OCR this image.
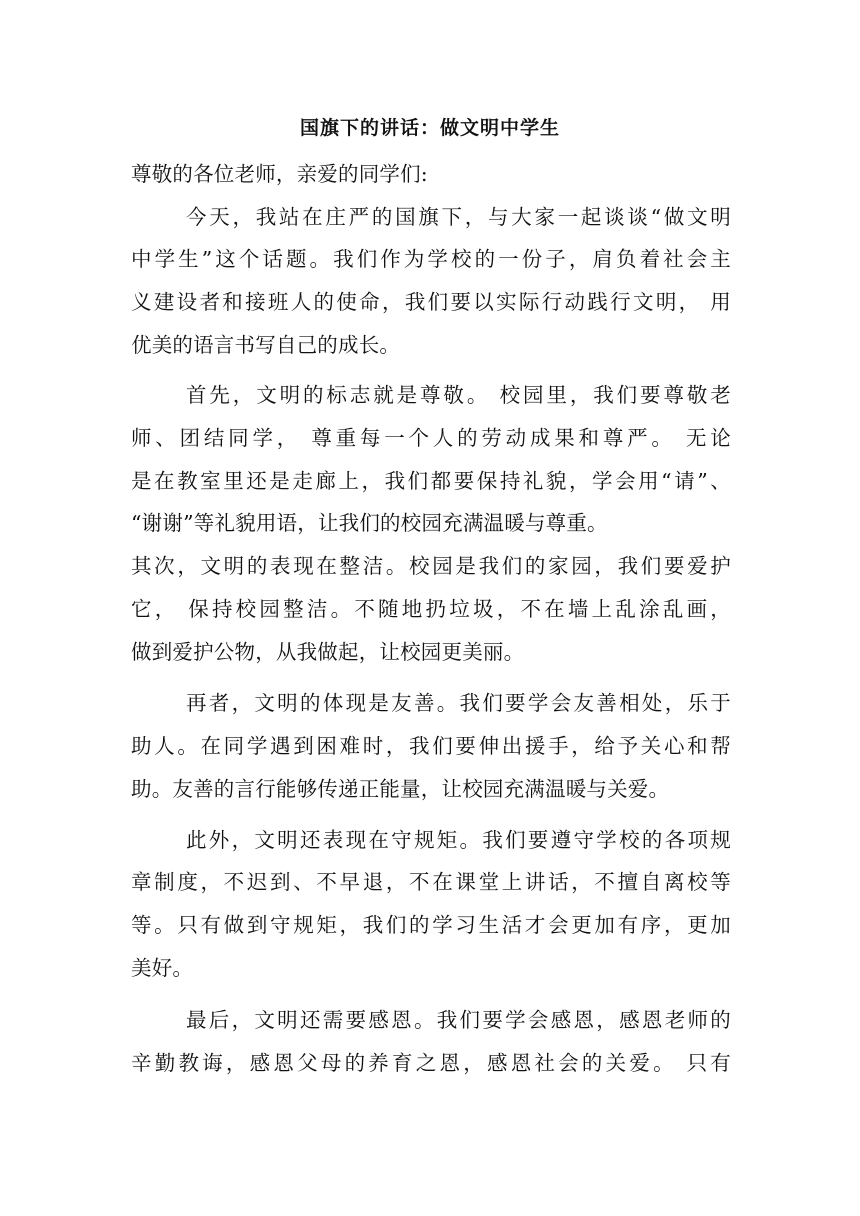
国旗下的讲话：做文明中学生
尊敬的各位老师，亲爱的同学们:
今天，我站在庄严的国旗下，与大家一起谈谈“做文明
中学生”这个话题。我们作为学校的一份子，肩负着社会主
义建设者和接班人的使命，我们要以实际行动践行文明， 用
优美的语言书写自己的成长。
首先，文明的标志就是尊敬。 校园里，我们要尊敬老
师、团结同学， 尊重每一个人的劳动成果和尊严。 无论
是在教室里还是走廊上，我们都要保持礼貌，学会用“请”、
“谢谢”等礼貌用语，让我们的校园充满温暖与尊重。
其次，文明的表现在整洁。校园是我们的家园，我们要爱护
它， 保持校园整洁。不随地扔垃圾，不在墙上乱涂乱画，
做到爱护公物，从我做起，让校园更美丽。
再者，文明的体现是友善。我们要学会友善相处，乐于
助人。在同学遇到困难时，我们要伸出援手，给予关心和帮
助。友善的言行能够传递正能量，让校园充满温暖与关爱。
此外，文明还表现在守规矩。我们要遵守学校的各项规
章制度，不迟到、不早退，不在课堂上讲话，不擅自离校等
等。只有做到守规矩，我们的学习生活才会更加有序，更加
美好。
最后，文明还需要感恩。我们要学会感恩，感恩老师的
辛勤教诲，感恩父母的养育之恩，感恩社会的关爱。 只有
